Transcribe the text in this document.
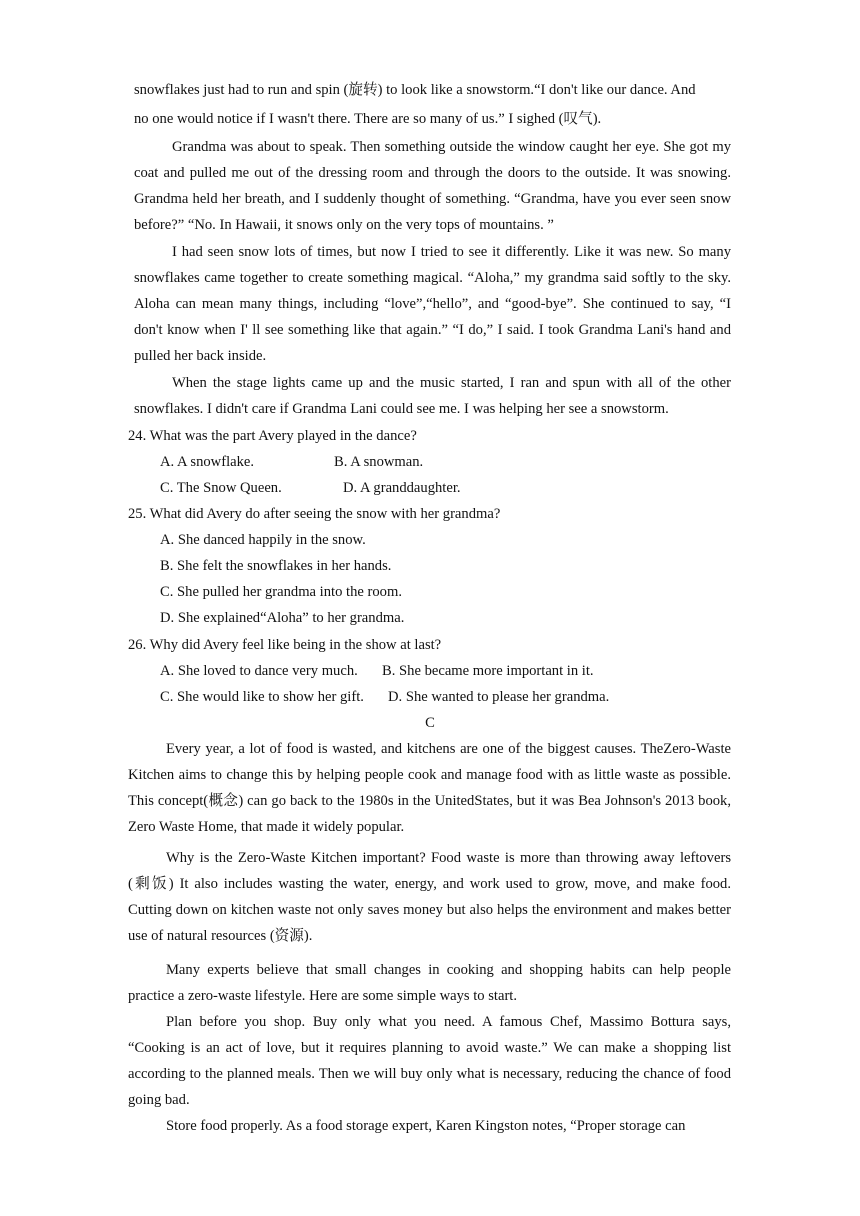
snowflakes just had to run and spin (旋转) to look like a snowstorm.“I don't like our dance. And

no one would notice if I wasn't there. There are so many of us.” I sighed (叹气).

Grandma was about to speak. Then something outside the window caught her eye. She got my coat and pulled me out of the dressing room and through the doors to the outside. It was snowing. Grandma held her breath, and I suddenly thought of something. “Grandma, have you ever seen snow before?” “No. In Hawaii, it snows only on the very tops of mountains. ”

I had seen snow lots of times, but now I tried to see it differently. Like it was new. So many snowflakes came together to create something magical. “Aloha,” my grandma said softly to the sky. Aloha can mean many things, including “love”,“hello”, and “good-bye”. She continued to say, “I don't know when I' ll see something like that again.” “I do,” I said. I took Grandma Lani's hand and pulled her back inside.

When the stage lights came up and the music started, I ran and spun with all of the other snowflakes. I didn't care if Grandma Lani could see me. I was helping her see a snowstorm.

24. What was the part Avery played in the dance?

A. A snowflake.	B. A snowman.
C. The Snow Queen.	D. A granddaughter.

25. What did Avery do after seeing the snow with her grandma?

A. She danced happily in the snow.
B. She felt the snowflakes in her hands.
C. She pulled her grandma into the room.
D. She explained“Aloha” to her grandma.

26. Why did Avery feel like being in the show at last?

A. She loved to dance very much. B. She became more important in it.
C. She would like to show her gift. D. She wanted to please her grandma.

C

Every year, a lot of food is wasted, and kitchens are one of the biggest causes. TheZero-Waste Kitchen aims to change this by helping people cook and manage food with as little waste as possible. This concept(概念) can go back to the 1980s in the UnitedStates, but it was Bea Johnson's 2013 book, Zero Waste Home, that made it widely popular.

Why is the Zero-Waste Kitchen important? Food waste is more than throwing away leftovers (剩饭) It also includes wasting the water, energy, and work used to grow, move, and make food. Cutting down on kitchen waste not only saves money but also helps the environment and makes better use of natural resources (资源).

Many experts believe that small changes in cooking and shopping habits can help people practice a zero-waste lifestyle. Here are some simple ways to start.

Plan before you shop. Buy only what you need. A famous Chef, Massimo Bottura says, “Cooking is an act of love, but it requires planning to avoid waste.” We can make a shopping list according to the planned meals. Then we will buy only what is necessary, reducing the chance of food going bad.

Store food properly. As a food storage expert, Karen Kingston notes, “Proper storage can
